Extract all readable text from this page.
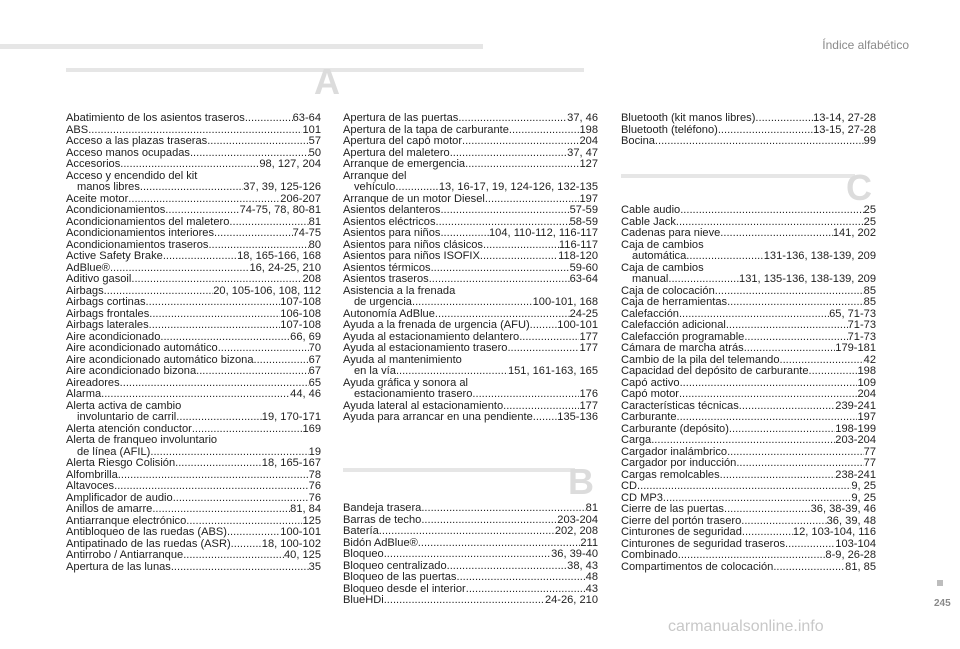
Índice alfabético
A
Abatimiento de los asientos traseros .....	63-64
ABS .....	101
Acceso a las plazas traseras .....	57
Acceso manos ocupadas .....	50
Accesorios .....	98, 127, 204
Acceso y encendido del kit
manos libres .....	37, 39, 125-126
Aceite motor .....	206-207
Acondicionamientos .....	74-75, 78, 80-81
Acondicionamientos del maletero .....	81
Acondicionamientos interiores .....	74-75
Acondicionamientos traseros .....	80
Active Safety Brake .....	18, 165-166, 168
AdBlue® .....	16, 24-25, 210
Aditivo gasoil .....	208
Airbags .....	20, 105-106, 108, 112
Airbags cortinas .....	107-108
Airbags frontales .....	106-108
Airbags laterales .....	107-108
Aire acondicionado .....	66, 69
Aire acondicionado automático .....	70
Aire acondicionado automático bizona .....	67
Aire acondicionado bizona .....	67
Aireadores .....	65
Alarma .....	44, 46
Alerta activa de cambio
involuntario de carril .....	19, 170-171
Alerta atención conductor .....	169
Alerta de franqueo involuntario
de línea (AFIL) .....	19
Alerta Riesgo Colisión .....	18, 165-167
Alfombrilla .....	78
Altavoces .....	76
Amplificador de audio .....	76
Anillos de amarre .....	81, 84
Antiarranque electrónico .....	125
Antibloqueo de las ruedas (ABS) .....	100-101
Antipatinado de las ruedas (ASR) .....	18, 100-102
Antirrobo / Antiarranque .....	40, 125
Apertura de las lunas .....	35
Apertura de las puertas .....	37, 46
Apertura de la tapa de carburante .....	198
Apertura del capó motor .....	204
Apertura del maletero .....	37, 47
Arranque de emergencia .....	127
Arranque del
vehículo .....	13, 16-17, 19, 124-126, 132-135
Arranque de un motor Diesel .....	197
Asientos delanteros .....	57-59
Asientos eléctricos .....	58-59
Asientos para niños .....	104, 110-112, 116-117
Asientos para niños clásicos .....	116-117
Asientos para niños ISOFIX .....	118-120
Asientos térmicos .....	59-60
Asientos traseros .....	63-64
Asistencia a la frenada
de urgencia .....	100-101, 168
Autonomía AdBlue .....	24-25
Ayuda a la frenada de urgencia (AFU) ..... 100-101
Ayuda al estacionamiento delantero .....	177
Ayuda al estacionamiento trasero .....	177
Ayuda al mantenimiento
en la vía .....	151, 161-163, 165
Ayuda gráfica y sonora al
estacionamiento trasero .....	176
Ayuda lateral al estacionamiento .....	177
Ayuda para arrancar en una pendiente ..... 135-136
Bluetooth (kit manos libres) .....	13-14, 27-28
Bluetooth (teléfono) .....	13-15, 27-28
Bocina .....	99
B
Bandeja trasera .....	81
Barras de techo .....	203-204
Batería .....	202, 208
Bidón AdBlue® .....	211
Bloqueo .....	36, 39-40
Bloqueo centralizado .....	38, 43
Bloqueo de las puertas .....	48
Bloqueo desde el interior .....	43
BlueHDi .....	24-26, 210
C
Cable audio .....	25
Cable Jack .....	25
Cadenas para nieve .....	141, 202
Caja de cambios
automática .....	131-136, 138-139, 209
Caja de cambios
manual .....	131, 135-136, 138-139, 209
Caja de colocación .....	85
Caja de herramientas .....	85
Calefacción .....	65, 71-73
Calefacción adicional .....	71-73
Calefacción programable .....	71-73
Cámara de marcha atrás .....	179-181
Cambio de la pila del telemando .....	42
Capacidad del depósito de carburante .....	198
Capó activo .....	109
Capó motor .....	204
Características técnicas .....	239-241
Carburante .....	197
Carburante (depósito) .....	198-199
Carga .....	203-204
Cargador inalámbrico .....	77
Cargador por inducción .....	77
Cargas remolcables .....	238-241
CD .....	9, 25
CD MP3 .....	9, 25
Cierre de las puertas .....	36, 38-39, 46
Cierre del portón trasero .....	36, 39, 48
Cinturones de seguridad .....	12, 103-104, 116
Cinturones de seguridad traseros .....	103-104
Combinado .....	8-9, 26-28
Compartimentos de colocación .....	81, 85
245
carmanualsonline.info
